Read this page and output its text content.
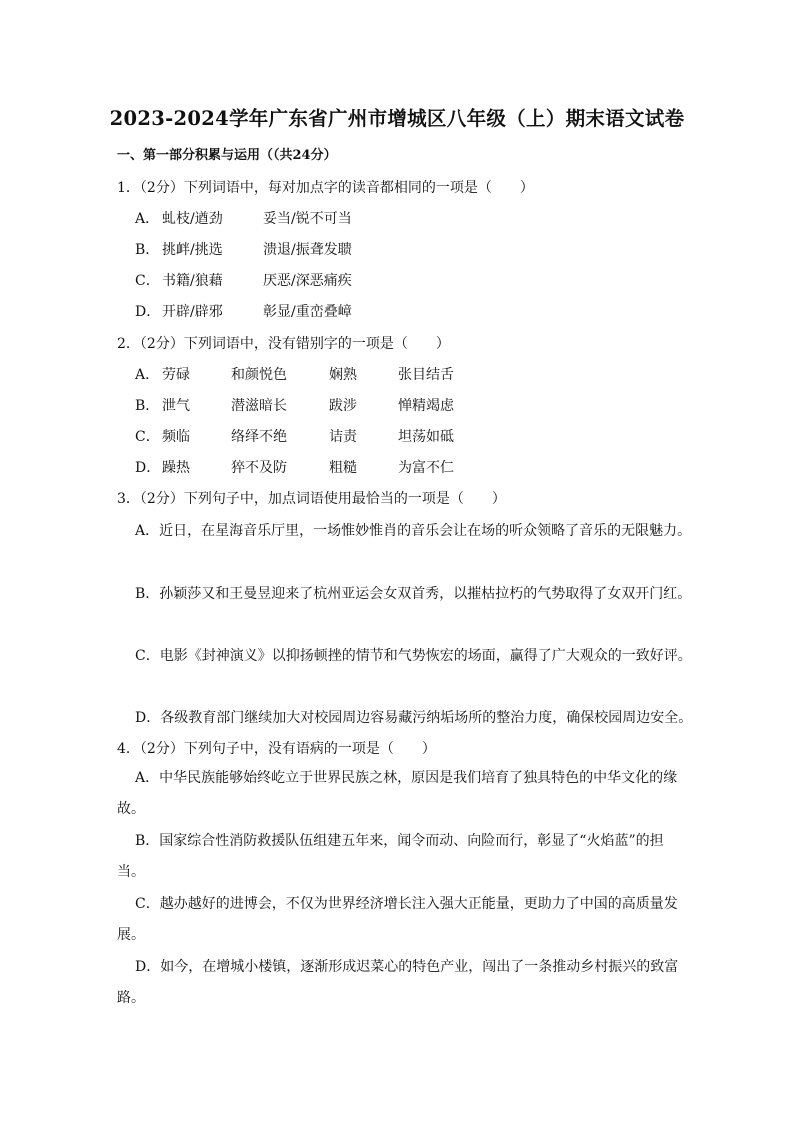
2023-2024学年广东省广州市增城区八年级（上）期末语文试卷
一、第一部分积累与运用（（共24分）
1．（2分）下列词语中，每对加点字的读音都相同的一项是（　　）
A． 虬枝/遒劲	妥当/锐不可当
B． 挑衅/挑选	溃退/振聋发聩
C． 书籍/狼藉	厌恶/深恶痛疾
D． 开辟/辟邪	彰显/重峦叠嶂
2．（2分）下列词语中，没有错别字的一项是（　　）
A． 劳碌	和颜悦色	娴熟	张目结舌
B． 泄气	潜滋暗长	跋涉	惮精竭虑
C． 频临	络绎不绝	诘责	坦荡如砥
D． 躁热	猝不及防	粗糙	为富不仁
3．（2分）下列句子中，加点词语使用最恰当的一项是（　　）
A．近日，在星海音乐厅里，一场惟妙惟肖的音乐会让在场的听众领略了音乐的无限魅力。
B．孙颖莎又和王曼昱迎来了杭州亚运会女双首秀，以摧枯拉朽的气势取得了女双开门红。
C．电影《封神演义》以抑扬顿挫的情节和气势恢宏的场面，赢得了广大观众的一致好评。
D．各级教育部门继续加大对校园周边容易藏污纳垢场所的整治力度，确保校园周边安全。
4．（2分）下列句子中，没有语病的一项是（　　）
A．中华民族能够始终屹立于世界民族之林，原因是我们培育了独具特色的中华文化的缘
故。
B．国家综合性消防救援队伍组建五年来，闻令而动、向险而行，彰显了“火焰蓝”的担
当。
C．越办越好的进博会，不仅为世界经济增长注入强大正能量，更助力了中国的高质量发
展。
D．如今，在增城小楼镇，逐渐形成迟菜心的特色产业，闯出了一条推动乡村振兴的致富
路。
